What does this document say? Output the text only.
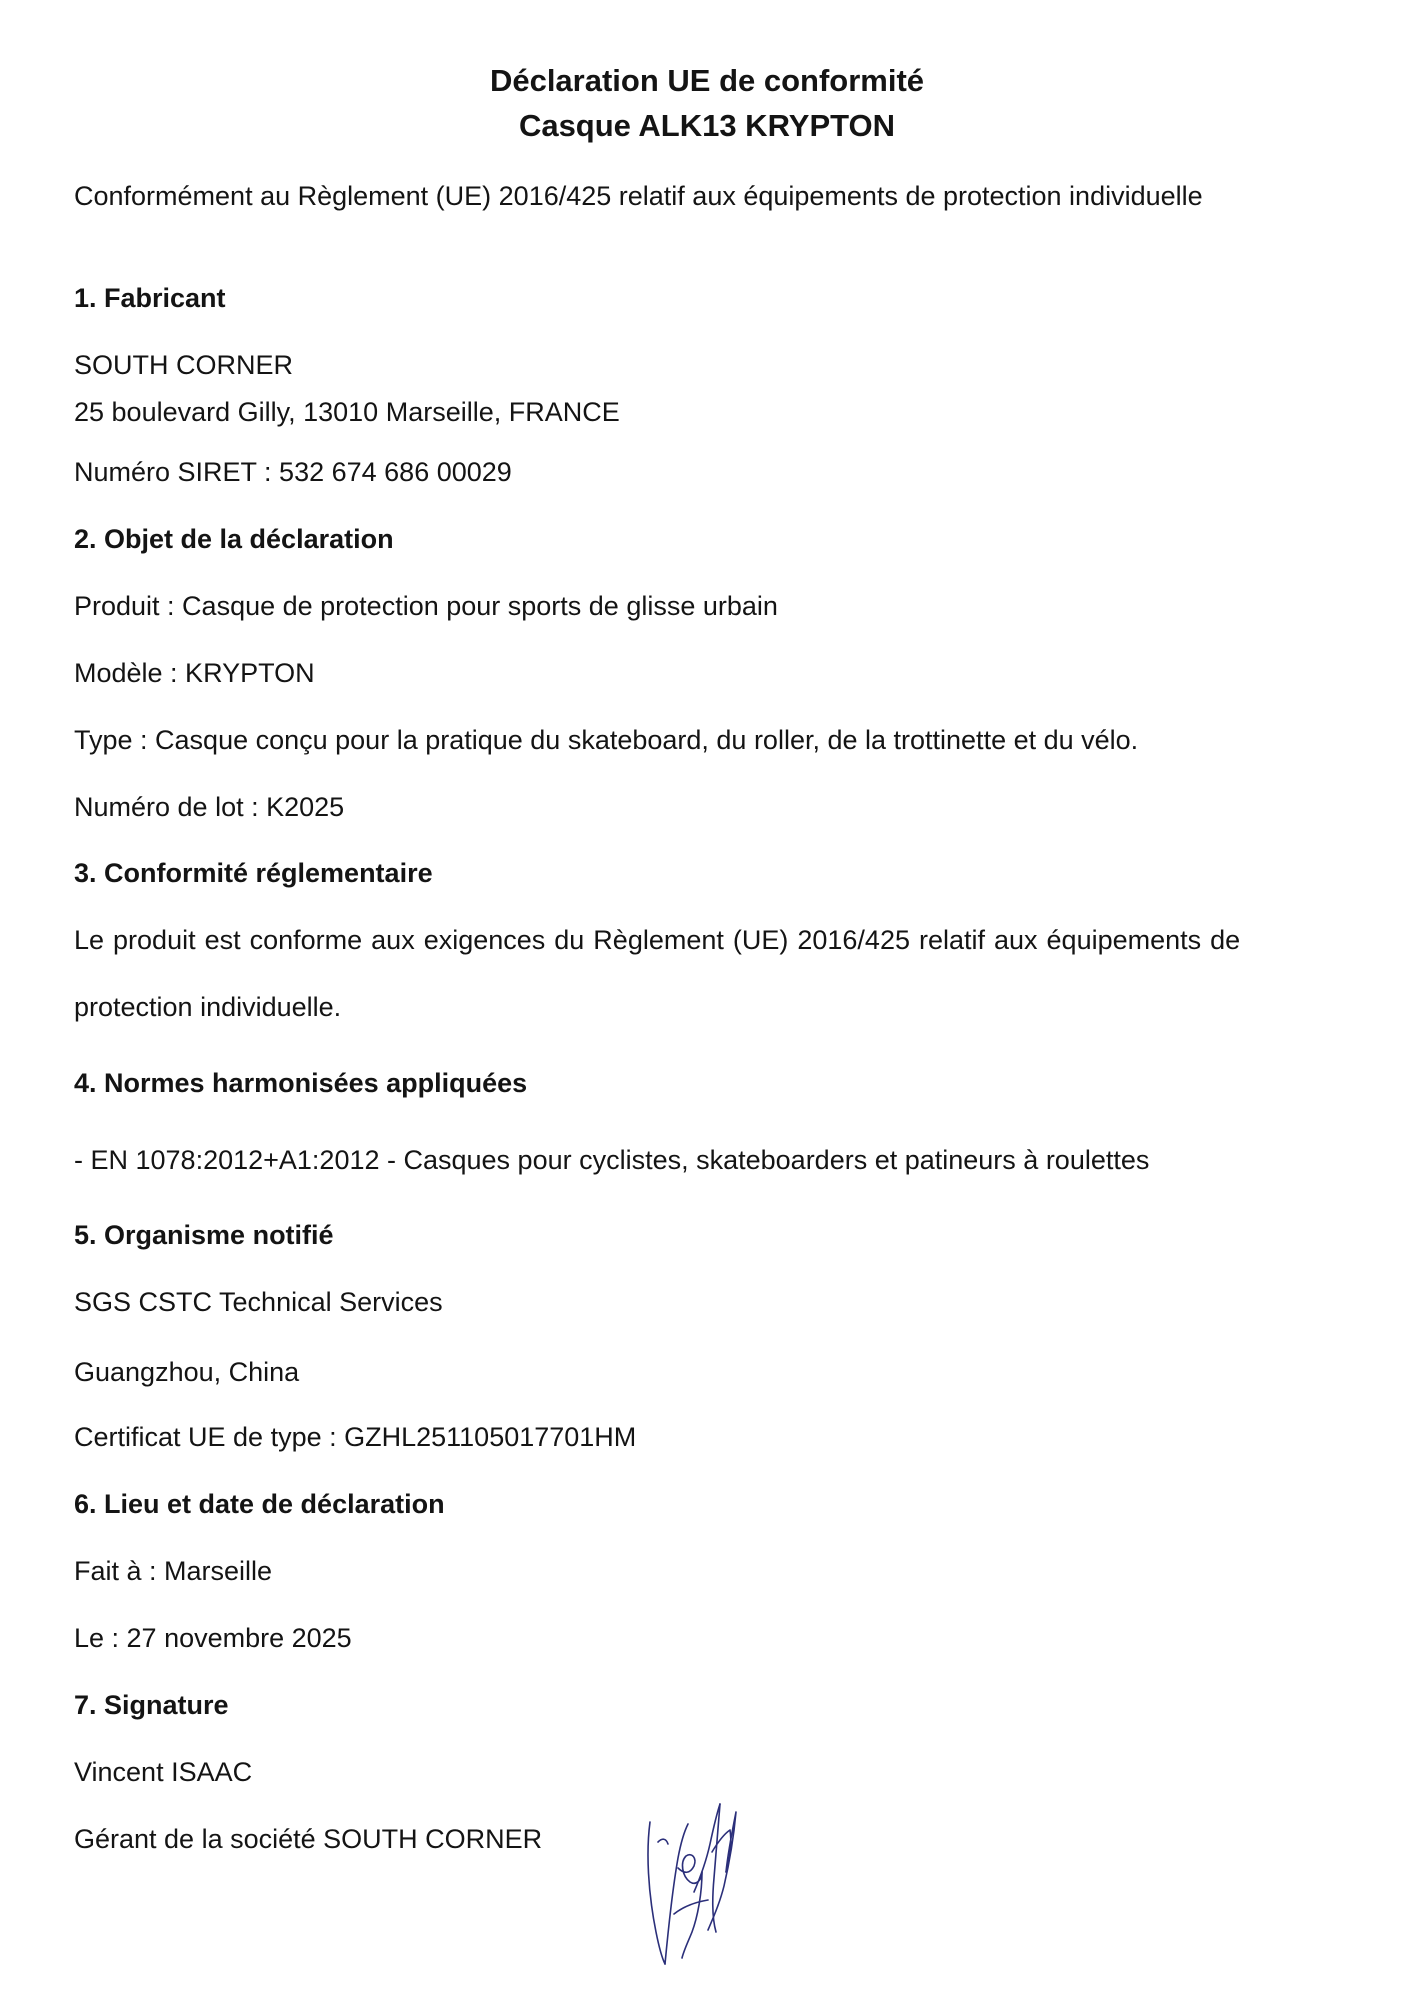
Déclaration UE de conformité
Casque ALK13 KRYPTON
Conformément au Règlement (UE) 2016/425 relatif aux équipements de protection individuelle
1. Fabricant
SOUTH CORNER
25 boulevard Gilly, 13010 Marseille, FRANCE
Numéro SIRET : 532 674 686 00029
2. Objet de la déclaration
Produit : Casque de protection pour sports de glisse urbain
Modèle : KRYPTON
Type : Casque conçu pour la pratique du skateboard, du roller, de la trottinette et du vélo.
Numéro de lot : K2025
3. Conformité réglementaire
Le produit est conforme aux exigences du Règlement (UE) 2016/425 relatif aux équipements de
protection individuelle.
4. Normes harmonisées appliquées
- EN 1078:2012+A1:2012 - Casques pour cyclistes, skateboarders et patineurs à roulettes
5. Organisme notifié
SGS CSTC Technical Services
Guangzhou, China
Certificat UE de type : GZHL251105017701HM
6. Lieu et date de déclaration
Fait à : Marseille
Le : 27 novembre 2025
7. Signature
Vincent ISAAC
Gérant de la société SOUTH CORNER
